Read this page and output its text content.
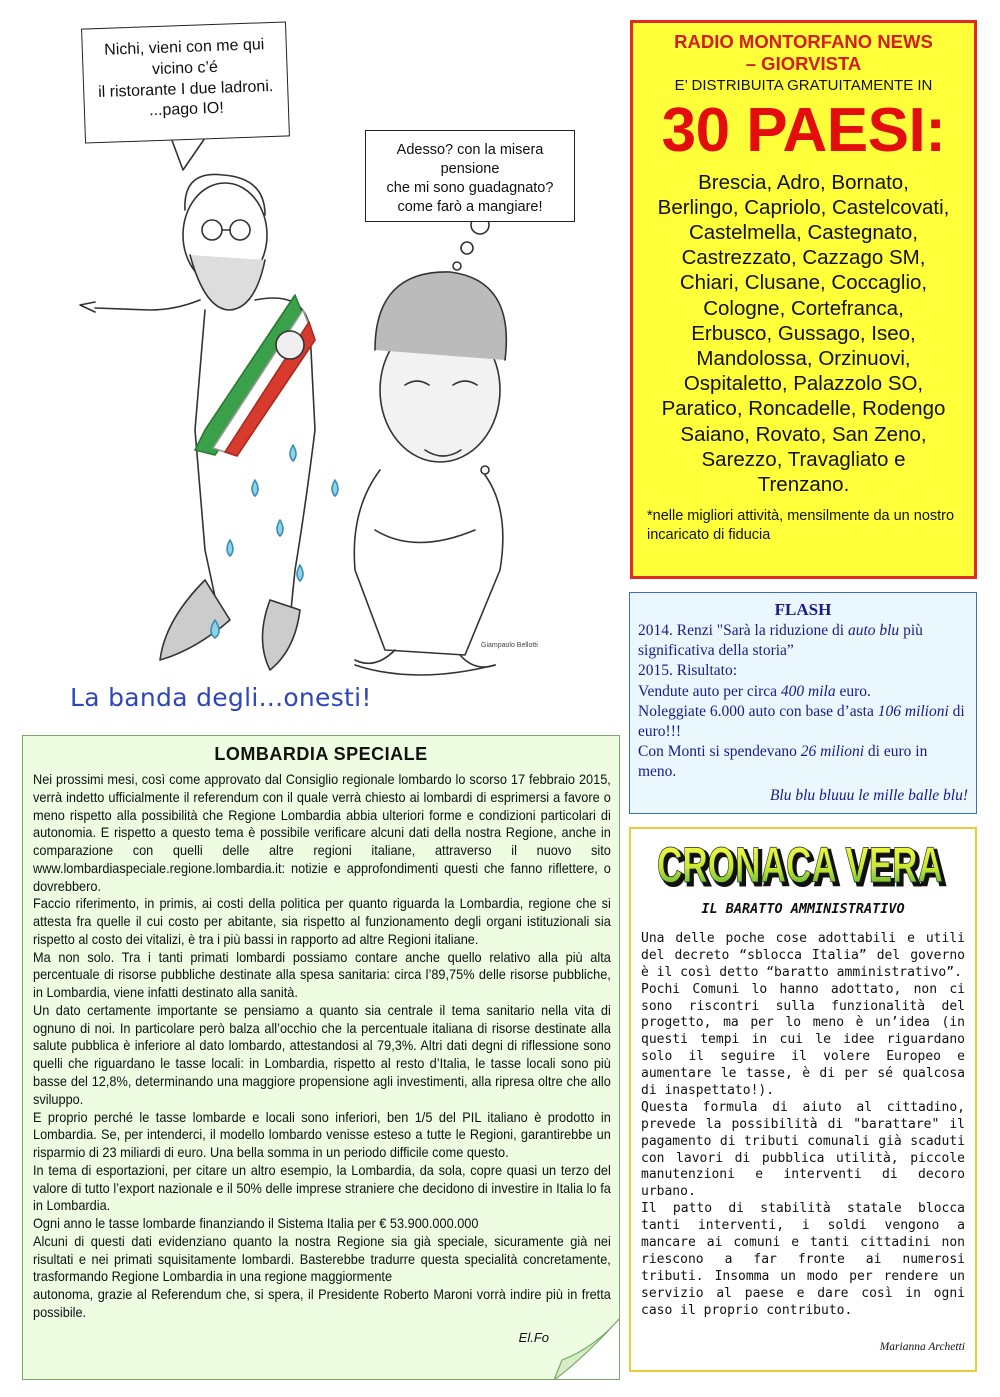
Nichi, vieni con me qui vicino c’é
il ristorante I due ladroni.
...pago IO!
Adesso? con la misera pensione
che mi sono guadagnato?
come farò a mangiare!
Giampaolo Bellotti
La banda degli...onesti!
RADIO MONTORFANO NEWS
– GIORVISTA
E’ DISTRIBUITA GRATUITAMENTE IN
30 PAESI:
Brescia, Adro, Bornato,
Berlingo, Capriolo, Castelcovati,
Castelmella, Castegnato,
Castrezzato, Cazzago SM,
Chiari, Clusane, Coccaglio,
Cologne, Cortefranca,
Erbusco, Gussago, Iseo,
Mandolossa, Orzinuovi,
Ospitaletto, Palazzolo SO,
Paratico, Roncadelle, Rodengo
Saiano, Rovato, San Zeno,
Sarezzo, Travagliato e
Trenzano.
*nelle migliori attività, mensilmente da un nostro incaricato di fiducia
FLASH
2014. Renzi "Sarà la riduzione di auto blu più significativa della storia”
2015. Risultato:
Vendute auto per circa 400 mila euro.
Noleggiate 6.000 auto con base d’asta 106 milioni di euro!!!
Con Monti si spendevano 26 milioni di euro in meno.
Blu blu bluuu le mille balle blu!
LOMBARDIA SPECIALE

Nei prossimi mesi, così come approvato dal Consiglio regionale lombardo lo scorso 17 febbraio 2015, verrà indetto ufficialmente il referendum con il quale verrà chiesto ai lombardi di esprimersi a favore o meno rispetto alla possibilità che Regione Lombardia abbia ulteriori forme e condizioni particolari di autonomia. E rispetto a questo tema è possibile verificare alcuni dati della nostra Regione, anche in comparazione con quelli delle altre regioni italiane, attraverso il nuovo sito www.lombardiaspeciale.regione.lombardia.it: notizie e approfondimenti questi che fanno riflettere, o dovrebbero.

Faccio riferimento, in primis, ai costi della politica per quanto riguarda la Lombardia, regione che si attesta fra quelle il cui costo per abitante, sia rispetto al funzionamento degli organi istituzionali sia rispetto al costo dei vitalizi, è tra i più bassi in rapporto ad altre Regioni italiane.

Ma non solo. Tra i tanti primati lombardi possiamo contare anche quello relativo alla più alta percentuale di risorse pubbliche destinate alla spesa sanitaria: circa l’89,75% delle risorse pubbliche, in Lombardia, viene infatti destinato alla sanità.

Un dato certamente importante se pensiamo a quanto sia centrale il tema sanitario nella vita di ognuno di noi. In particolare però balza all’occhio che la percentuale italiana di risorse destinate alla salute pubblica è inferiore al dato lombardo, attestandosi al 79,3%. Altri dati degni di riflessione sono quelli che riguardano le tasse locali: in Lombardia, rispetto al resto d’Italia, le tasse locali sono più basse del 12,8%, determinando una maggiore propensione agli investimenti, alla ripresa oltre che allo sviluppo.

E proprio perché le tasse lombarde e locali sono inferiori, ben 1/5 del PIL italiano è prodotto in Lombardia. Se, per intenderci, il modello lombardo venisse esteso a tutte le Regioni, garantirebbe un risparmio di 23 miliardi di euro. Una bella somma in un periodo difficile come questo.

In tema di esportazioni, per citare un altro esempio, la Lombardia, da sola, copre quasi un terzo del valore di tutto l’export nazionale e il 50% delle imprese straniere che decidono di investire in Italia lo fa in Lombardia.

Ogni anno le tasse lombarde finanziando il Sistema Italia per € 53.900.000.000

Alcuni di questi dati evidenziano quanto la nostra Regione sia già speciale, sicuramente già nei risultati e nei primati squisitamente lombardi. Basterebbe tradurre questa specialità concretamente, trasformando Regione Lombardia in una regione maggiormente

autonoma, grazie al Referendum che, si spera, il Presidente Roberto Maroni vorrà indire più in fretta possibile.

El.Fo
CRONACA VERA
CRONACA VERA
IL BARATTO AMMINISTRATIVO

Una delle poche cose adottabili e utili del decreto “sblocca Italia” del governo è il così detto “baratto amministrativo”.

Pochi Comuni lo hanno adottato, non ci sono riscontri sulla funzionalità del progetto, ma per lo meno è un’idea (in questi tempi in cui le idee riguardano solo il seguire il volere Europeo e aumentare le tasse, è di per sé qualcosa di inaspettato!).

Questa formula di aiuto al cittadino, prevede la possibilità di "barattare" il pagamento di tributi comunali già scaduti con lavori di pubblica utilità, piccole manutenzioni e interventi di decoro urbano.

Il patto di stabilità statale blocca tanti interventi, i soldi vengono a mancare ai comuni e tanti cittadini non riescono a far fronte ai numerosi tributi. Insomma un modo per rendere un servizio al paese e dare così in ogni caso il proprio contributo.

Marianna Archetti
